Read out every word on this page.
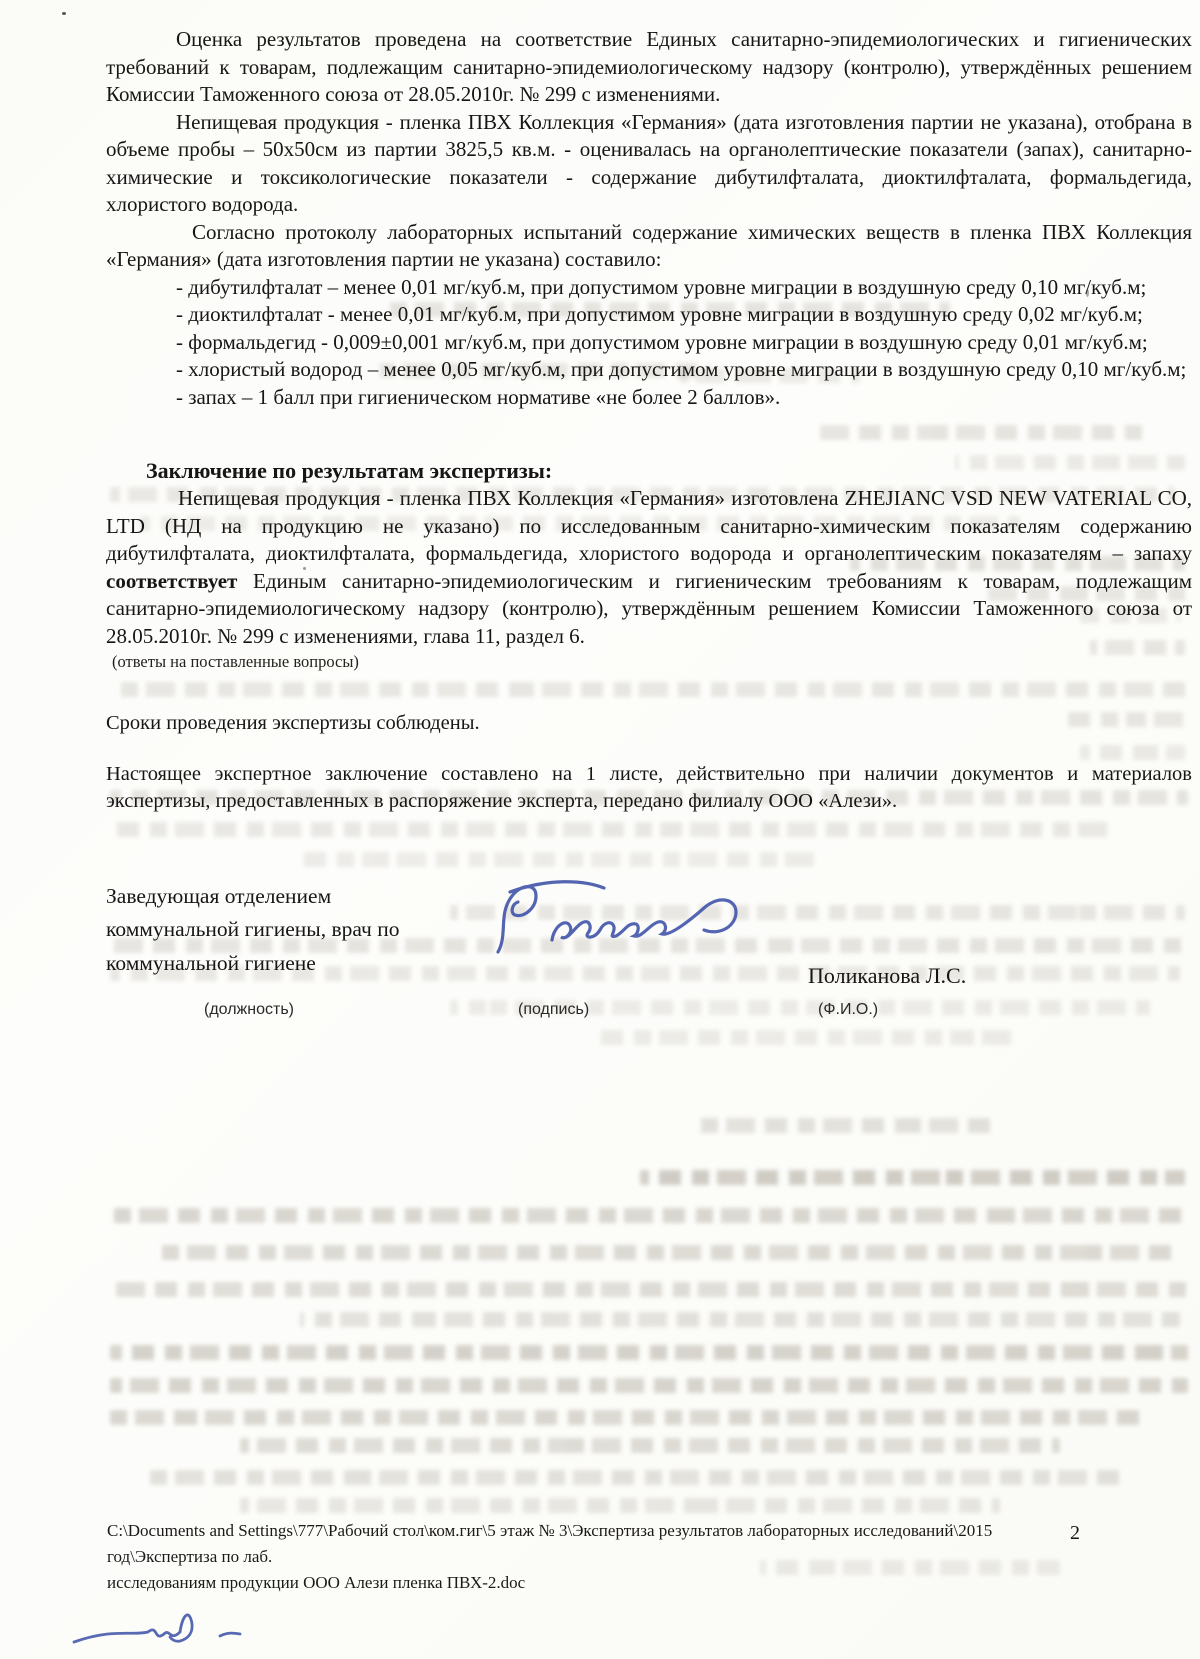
Оценка результатов проведена на соответствие Единых санитарно-эпидемиологических и гигиенических требований к товарам, подлежащим санитарно-эпидемиологическому надзору (контролю), утверждённых решением Комиссии Таможенного союза от 28.05.2010г. № 299 с изменениями.

Непищевая продукция - пленка ПВХ Коллекция «Германия» (дата изготовления партии не указана), отобрана в объеме пробы – 50х50см из партии 3825,5 кв.м. - оценивалась на органолептические показатели (запах), санитарно-химические и токсикологические показатели - содержание дибутилфталата, диоктилфталата, формальдегида, хлористого водорода.

Согласно протоколу лабораторных испытаний содержание химических веществ в пленка ПВХ Коллекция «Германия» (дата изготовления партии не указана) составило:

- дибутилфталат – менее 0,01 мг/куб.м, при допустимом уровне миграции в воздушную среду 0,10 мг/куб.м;

- диоктилфталат - менее 0,01 мг/куб.м, при допустимом уровне миграции в воздушную среду 0,02 мг/куб.м;

- формальдегид - 0,009±0,001 мг/куб.м, при допустимом уровне миграции в воздушную среду 0,01 мг/куб.м;

- хлористый водород – менее 0,05 мг/куб.м, при допустимом уровне миграции в воздушную среду 0,10 мг/куб.м;

- запах – 1 балл при гигиеническом нормативе «не более 2 баллов».

Заключение по результатам экспертизы:

Непищевая продукция - пленка ПВХ Коллекция «Германия» изготовлена ZHEJIANC VSD NEW VATERIAL CO, LTD (НД на продукцию не указано) по исследованным санитарно-химическим показателям содержанию дибутилфталата, диоктилфталата, формальдегида, хлористого водорода и органолептическим показателям – запаху соответствует Единым санитарно-эпидемиологическим и гигиеническим требованиям к товарам, подлежащим санитарно-эпидемиологическому надзору (контролю), утверждённым решением Комиссии Таможенного союза от 28.05.2010г. № 299 с изменениями, глава 11, раздел 6.

(ответы на поставленные вопросы)

Сроки проведения экспертизы соблюдены.

Настоящее экспертное заключение составлено на 1 листе, действительно при наличии документов и материалов экспертизы, предоставленных в распоряжение эксперта, передано филиалу ООО «Алези».

Заведующая отделением коммунальной гигиены, врач по коммунальной гигиене	Поликанова Л.С.
(должность)	(подпись)	(Ф.И.О.)
C:\Documents and Settings\777\Рабочий стол\ком.гиг\5 этаж № 3\Экспертиза результатов лабораторных исследований\2015 год\Экспертиза по лаб.
исследованиям продукции ООО Алези пленка ПВХ-2.doc
2
